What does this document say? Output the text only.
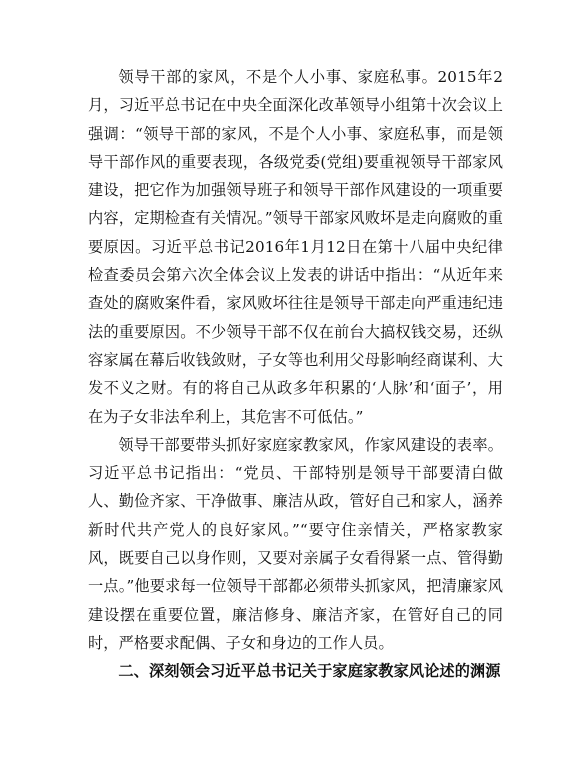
领导干部的家风，不是个人小事、家庭私事。2015年2月，习近平总书记在中央全面深化改革领导小组第十次会议上强调：“领导干部的家风，不是个人小事、家庭私事，而是领导干部作风的重要表现，各级党委(党组)要重视领导干部家风建设，把它作为加强领导班子和领导干部作风建设的一项重要内容，定期检查有关情况。”领导干部家风败坏是走向腐败的重要原因。习近平总书记2016年1月12日在第十八届中央纪律检查委员会第六次全体会议上发表的讲话中指出：“从近年来查处的腐败案件看，家风败坏往往是领导干部走向严重违纪违法的重要原因。不少领导干部不仅在前台大搞权钱交易，还纵容家属在幕后收钱敛财，子女等也利用父母影响经商谋利、大发不义之财。有的将自己从政多年积累的‘人脉’和‘面子’，用在为子女非法牟利上，其危害不可低估。”

领导干部要带头抓好家庭家教家风，作家风建设的表率。习近平总书记指出：“党员、干部特别是领导干部要清白做人、勤俭齐家、干净做事、廉洁从政，管好自己和家人，涵养新时代共产党人的良好家风。”“要守住亲情关，严格家教家风，既要自己以身作则，又要对亲属子女看得紧一点、管得勤一点。”他要求每一位领导干部都必须带头抓家风，把清廉家风建设摆在重要位置，廉洁修身、廉洁齐家，在管好自己的同时，严格要求配偶、子女和身边的工作人员。

二、深刻领会习近平总书记关于家庭家教家风论述的渊源
